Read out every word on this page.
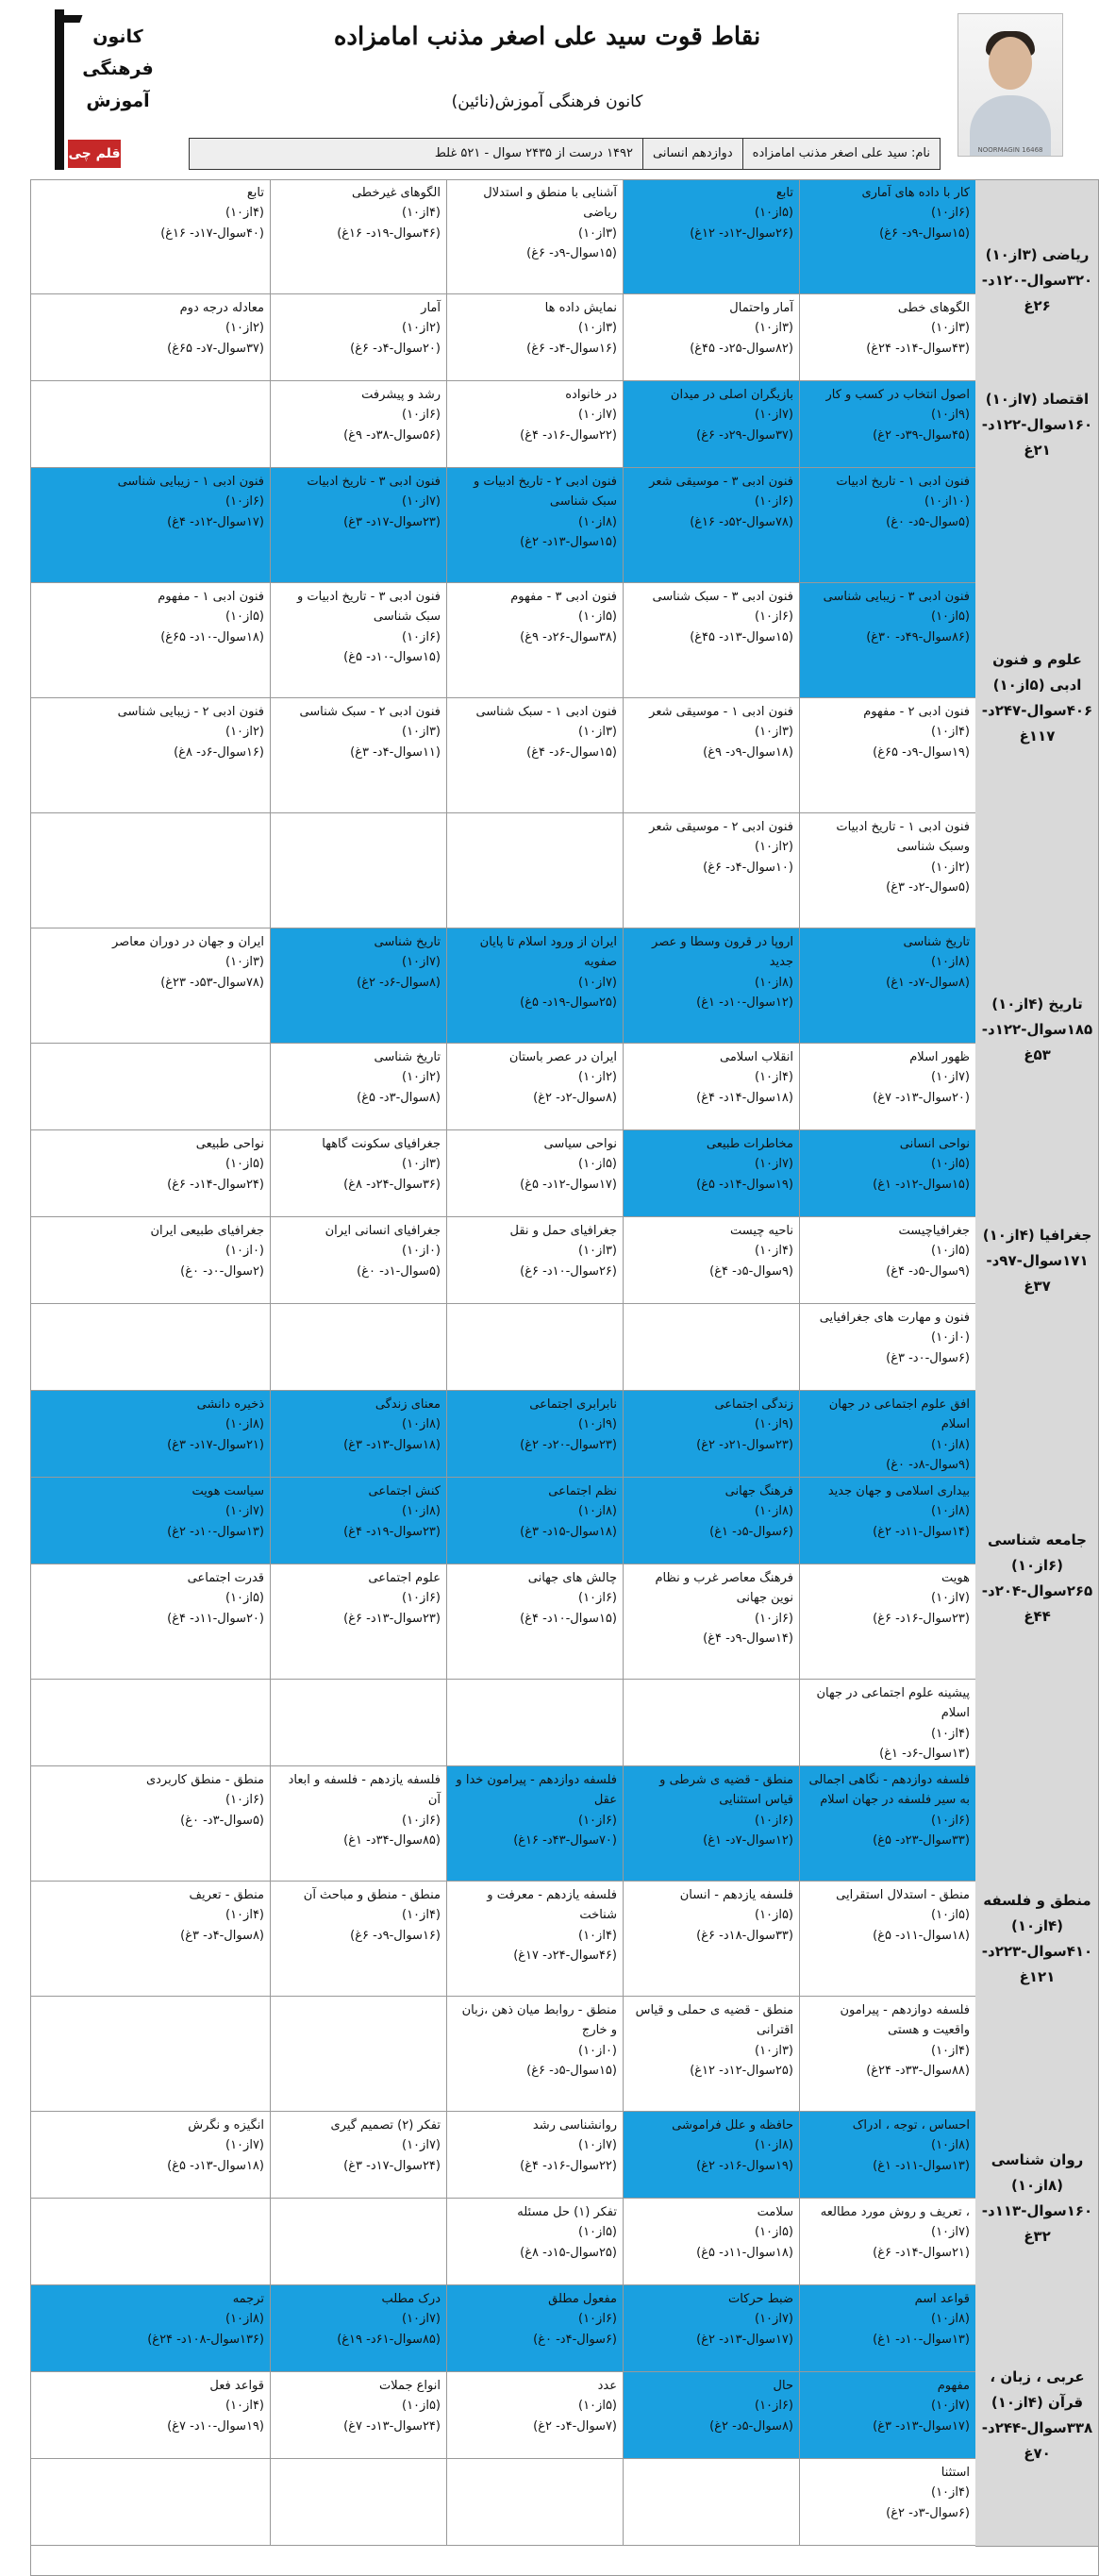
NOORMAGIN 16468
کانون
فرهنگی
آموزش
قلم چی
نقاط قوت سید علی اصغر مذنب امامزاده
کانون فرهنگی آموزش(نائین)
نام: سید علی اصغر مذنب امامزاده
دوازدهم انسانی
۱۴۹۲ درست از ۲۴۳۵ سوال - ۵۲۱ غلط
کار با داده های آماری
(۶از۱۰)
(۱۵سوال-۹د- ۶غ)
تابع
(۵از۱۰)
(۲۶سوال-۱۲د- ۱۲غ)
آشنایی با منطق و استدلال ریاضی
(۳از۱۰)
(۱۵سوال-۹د- ۶غ)
الگوهای غیرخطی
(۴از۱۰)
(۴۶سوال-۱۹د- ۱۶غ)
تابع
(۴از۱۰)
(۴۰سوال-۱۷د- ۱۶غ)
الگوهای خطی
(۳از۱۰)
(۴۳سوال-۱۴د- ۲۴غ)
آمار واحتمال
(۳از۱۰)
(۸۲سوال-۲۵د- ۴۵غ)
نمایش داده ها
(۳از۱۰)
(۱۶سوال-۴د- ۶غ)
آمار
(۲از۱۰)
(۲۰سوال-۴د- ۶غ)
معادله درجه دوم
(۲از۱۰)
(۳۷سوال-۷د- ۶۵غ)
اصول انتخاب در کسب و کار
(۹از۱۰)
(۴۵سوال-۳۹د- ۲غ)
بازیگران اصلی در میدان
(۷از۱۰)
(۳۷سوال-۲۹د- ۶غ)
در خانواده
(۷از۱۰)
(۲۲سوال-۱۶د- ۴غ)
رشد و پیشرفت
(۶از۱۰)
(۵۶سوال-۳۸د- ۹غ)
فنون ادبی ۱ - تاریخ ادبیات
(۱۰از۱۰)
(۵سوال-۵د- ۰غ)
فنون ادبی ۳ - موسیقی شعر
(۶از۱۰)
(۷۸سوال-۵۲د- ۱۶غ)
فنون ادبی ۲ - تاریخ ادبیات و سبک شناسی
(۸از۱۰)
(۱۵سوال-۱۳د- ۲غ)
فنون ادبی ۳ - تاریخ ادبیات
(۷از۱۰)
(۲۳سوال-۱۷د- ۳غ)
فنون ادبی ۱ - زیبایی شناسی
(۶از۱۰)
(۱۷سوال-۱۲د- ۴غ)
فنون ادبی ۳ - زیبایی شناسی
(۵از۱۰)
(۸۶سوال-۴۹د- ۳۰غ)
فنون ادبی ۳ - سبک شناسی
(۶از۱۰)
(۱۵سوال-۱۳د- ۴۵غ)
فنون ادبی ۳ - مفهوم
(۵از۱۰)
(۳۸سوال-۲۶د- ۹غ)
فنون ادبی ۳ - تاریخ ادبیات و سبک شناسی
(۶از۱۰)
(۱۵سوال-۱۰د- ۵غ)
فنون ادبی ۱ - مفهوم
(۵از۱۰)
(۱۸سوال-۱۰د- ۶۵غ)
فنون ادبی ۲ - مفهوم
(۴از۱۰)
(۱۹سوال-۹د- ۶۵غ)
فنون ادبی ۱ - موسیقی شعر
(۳از۱۰)
(۱۸سوال-۹د- ۹غ)
فنون ادبی ۱ - سبک شناسی
(۳از۱۰)
(۱۵سوال-۶د- ۴غ)
فنون ادبی ۲ - سبک شناسی
(۳از۱۰)
(۱۱سوال-۴د- ۳غ)
فنون ادبی ۲ - زیبایی شناسی
(۲از۱۰)
(۱۶سوال-۶د- ۸غ)
فنون ادبی ۱ - تاریخ ادبیات وسبک شناسی
(۲از۱۰)
(۵سوال-۲د- ۳غ)
فنون ادبی ۲ - موسیقی شعر
(۲از۱۰)
(۱۰سوال-۴د- ۶غ)
تاریخ شناسی
(۸از۱۰)
(۸سوال-۷د- ۱غ)
اروپا در قرون وسطا و عصر جدید
(۸از۱۰)
(۱۲سوال-۱۰د- ۱غ)
ایران از ورود اسلام تا پایان صفویه
(۷از۱۰)
(۲۵سوال-۱۹د- ۵غ)
تاریخ شناسی
(۷از۱۰)
(۸سوال-۶د- ۲غ)
ایران و جهان در دوران معاصر
(۳از۱۰)
(۷۸سوال-۵۳د- ۲۳غ)
ظهور اسلام
(۷از۱۰)
(۲۰سوال-۱۳د- ۷غ)
انقلاب اسلامی
(۴از۱۰)
(۱۸سوال-۱۴د- ۴غ)
ایران در عصر باستان
(۲از۱۰)
(۸سوال-۲د- ۲غ)
تاریخ شناسی
(۲از۱۰)
(۸سوال-۳د- ۵غ)
نواحی انسانی
(۵از۱۰)
(۱۵سوال-۱۲د- ۱غ)
مخاطرات طبیعی
(۷از۱۰)
(۱۹سوال-۱۴د- ۵غ)
نواحی سیاسی
(۵از۱۰)
(۱۷سوال-۱۲د- ۵غ)
جغرافیای سکونت گاهها
(۳از۱۰)
(۳۶سوال-۲۴د- ۸غ)
نواحی طبیعی
(۵از۱۰)
(۲۴سوال-۱۴د- ۶غ)
جغرافیاچیست
(۵از۱۰)
(۹سوال-۵د- ۴غ)
ناحیه چیست
(۴از۱۰)
(۹سوال-۵د- ۴غ)
جغرافیای حمل و نقل
(۳از۱۰)
(۲۶سوال-۱۰د- ۶غ)
جغرافیای انسانی ایران
(۰از۱۰)
(۵سوال-۱د- ۰غ)
جغرافیای طبیعی ایران
(۰از۱۰)
(۲سوال-۰د- ۰غ)
فنون و مهارت های جغرافیایی
(۰از۱۰)
(۶سوال-۰د- ۳غ)
افق علوم اجتماعی در جهان اسلام
(۸از۱۰)
(۹سوال-۸د- ۰غ)
زندگی اجتماعی
(۹از۱۰)
(۲۳سوال-۲۱د- ۲غ)
نابرابری اجتماعی
(۹از۱۰)
(۲۳سوال-۲۰د- ۲غ)
معنای زندگی
(۸از۱۰)
(۱۸سوال-۱۳د- ۳غ)
ذخیره دانشی
(۸از۱۰)
(۲۱سوال-۱۷د- ۳غ)
بیداری اسلامی و جهان جدید
(۸از۱۰)
(۱۴سوال-۱۱د- ۲غ)
فرهنگ جهانی
(۸از۱۰)
(۶سوال-۵د- ۱غ)
نظم اجتماعی
(۸از۱۰)
(۱۸سوال-۱۵د- ۳غ)
کنش اجتماعی
(۸از۱۰)
(۲۳سوال-۱۹د- ۴غ)
سیاست هویت
(۷از۱۰)
(۱۳سوال-۱۰د- ۲غ)
هویت
(۷از۱۰)
(۲۳سوال-۱۶د- ۶غ)
فرهنگ معاصر غرب و نظام نوین جهانی
(۶از۱۰)
(۱۴سوال-۹د- ۴غ)
چالش های جهانی
(۶از۱۰)
(۱۵سوال-۱۰د- ۴غ)
علوم اجتماعی
(۶از۱۰)
(۲۳سوال-۱۳د- ۶غ)
قدرت اجتماعی
(۵از۱۰)
(۲۰سوال-۱۱د- ۴غ)
پیشینه علوم اجتماعی در جهان اسلام
(۴از۱۰)
(۱۳سوال-۶د- ۱غ)
فلسفه دوازدهم - نگاهی اجمالی به سیر فلسفه در جهان اسلام
(۶از۱۰)
(۳۳سوال-۲۳د- ۵غ)
منطق - قضیه ی شرطی و قیاس استثنایی
(۶از۱۰)
(۱۲سوال-۷د- ۱غ)
فلسفه دوازدهم - پیرامون خدا و عقل
(۶از۱۰)
(۷۰سوال-۴۳د- ۱۶غ)
فلسفه یازدهم - فلسفه و ابعاد آن
(۶از۱۰)
(۸۵سوال-۳۴د- ۱غ)
منطق - منطق کاربردی
(۶از۱۰)
(۵سوال-۳د- ۰غ)
منطق - استدلال استقرایی
(۵از۱۰)
(۱۸سوال-۱۱د- ۵غ)
فلسفه یازدهم - انسان
(۵از۱۰)
(۳۳سوال-۱۸د- ۶غ)
فلسفه یازدهم - معرفت و شناخت
(۴از۱۰)
(۴۶سوال-۲۴د- ۱۷غ)
منطق - منطق و مباحث آن
(۴از۱۰)
(۱۶سوال-۹د- ۶غ)
منطق - تعریف
(۴از۱۰)
(۸سوال-۴د- ۳غ)
فلسفه دوازدهم - پیرامون واقعیت و هستی
(۴از۱۰)
(۸۸سوال-۳۳د- ۲۴غ)
منطق - قضیه ی حملی و قیاس اقترانی
(۳از۱۰)
(۲۵سوال-۱۲د- ۱۲غ)
منطق - روابط میان ذهن ،زبان و خارج
(۰از۱۰)
(۱۵سوال-۵د- ۶غ)
احساس ، توجه ، ادراک
(۸از۱۰)
(۱۳سوال-۱۱د- ۱غ)
حافظه و علل فراموشی
(۸از۱۰)
(۱۹سوال-۱۶د- ۲غ)
روانشناسی رشد
(۷از۱۰)
(۲۲سوال-۱۶د- ۴غ)
تفکر (۲) تصمیم گیری
(۷از۱۰)
(۲۴سوال-۱۷د- ۳غ)
انگیزه و نگرش
(۷از۱۰)
(۱۸سوال-۱۳د- ۵غ)
، تعریف و روش مورد مطالعه
(۷از۱۰)
(۲۱سوال-۱۴د- ۶غ)
سلامت
(۵از۱۰)
(۱۸سوال-۱۱د- ۵غ)
تفکر (۱) حل مسئله
(۵از۱۰)
(۲۵سوال-۱۵د- ۸غ)
قواعد اسم
(۸از۱۰)
(۱۳سوال-۱۰د- ۱غ)
ضبط حرکات
(۷از۱۰)
(۱۷سوال-۱۳د- ۲غ)
مفعول مطلق
(۶از۱۰)
(۶سوال-۴د- ۰غ)
درک مطلب
(۷از۱۰)
(۸۵سوال-۶۱د- ۱۹غ)
ترجمه
(۸از۱۰)
(۱۳۶سوال-۱۰۸د- ۲۴غ)
مفهوم
(۷از۱۰)
(۱۷سوال-۱۳د- ۳غ)
حال
(۶از۱۰)
(۸سوال-۵د- ۲غ)
عدد
(۵از۱۰)
(۷سوال-۴د- ۲غ)
انواع جملات
(۵از۱۰)
(۲۴سوال-۱۳د- ۷غ)
قواعد فعل
(۴از۱۰)
(۱۹سوال-۱۰د- ۷غ)
استثنا
(۴از۱۰)
(۶سوال-۳د- ۲غ)
ریاضی (۳از۱۰) ۳۲۰سوال-۱۲۰د- ۲۶غ
اقتصاد (۷از۱۰) ۱۶۰سوال-۱۲۲د- ۲۱غ
علوم و فنون ادبی (۵از۱۰) ۴۰۶سوال-۲۴۷د- ۱۱۷غ
تاریخ (۴از۱۰) ۱۸۵سوال-۱۲۲د- ۵۳غ
جغرافیا (۴از۱۰) ۱۷۱سوال-۹۷د- ۳۷غ
جامعه شناسی (۶از۱۰) ۲۶۵سوال-۲۰۴د- ۴۴غ
منطق و فلسفه (۴از۱۰) ۴۱۰سوال-۲۲۳د- ۱۲۱غ
روان شناسی (۸از۱۰) ۱۶۰سوال-۱۱۳د- ۳۲غ
عربی ، زبان ، قرآن (۴از۱۰) ۳۳۸سوال-۲۴۴د- ۷۰غ
